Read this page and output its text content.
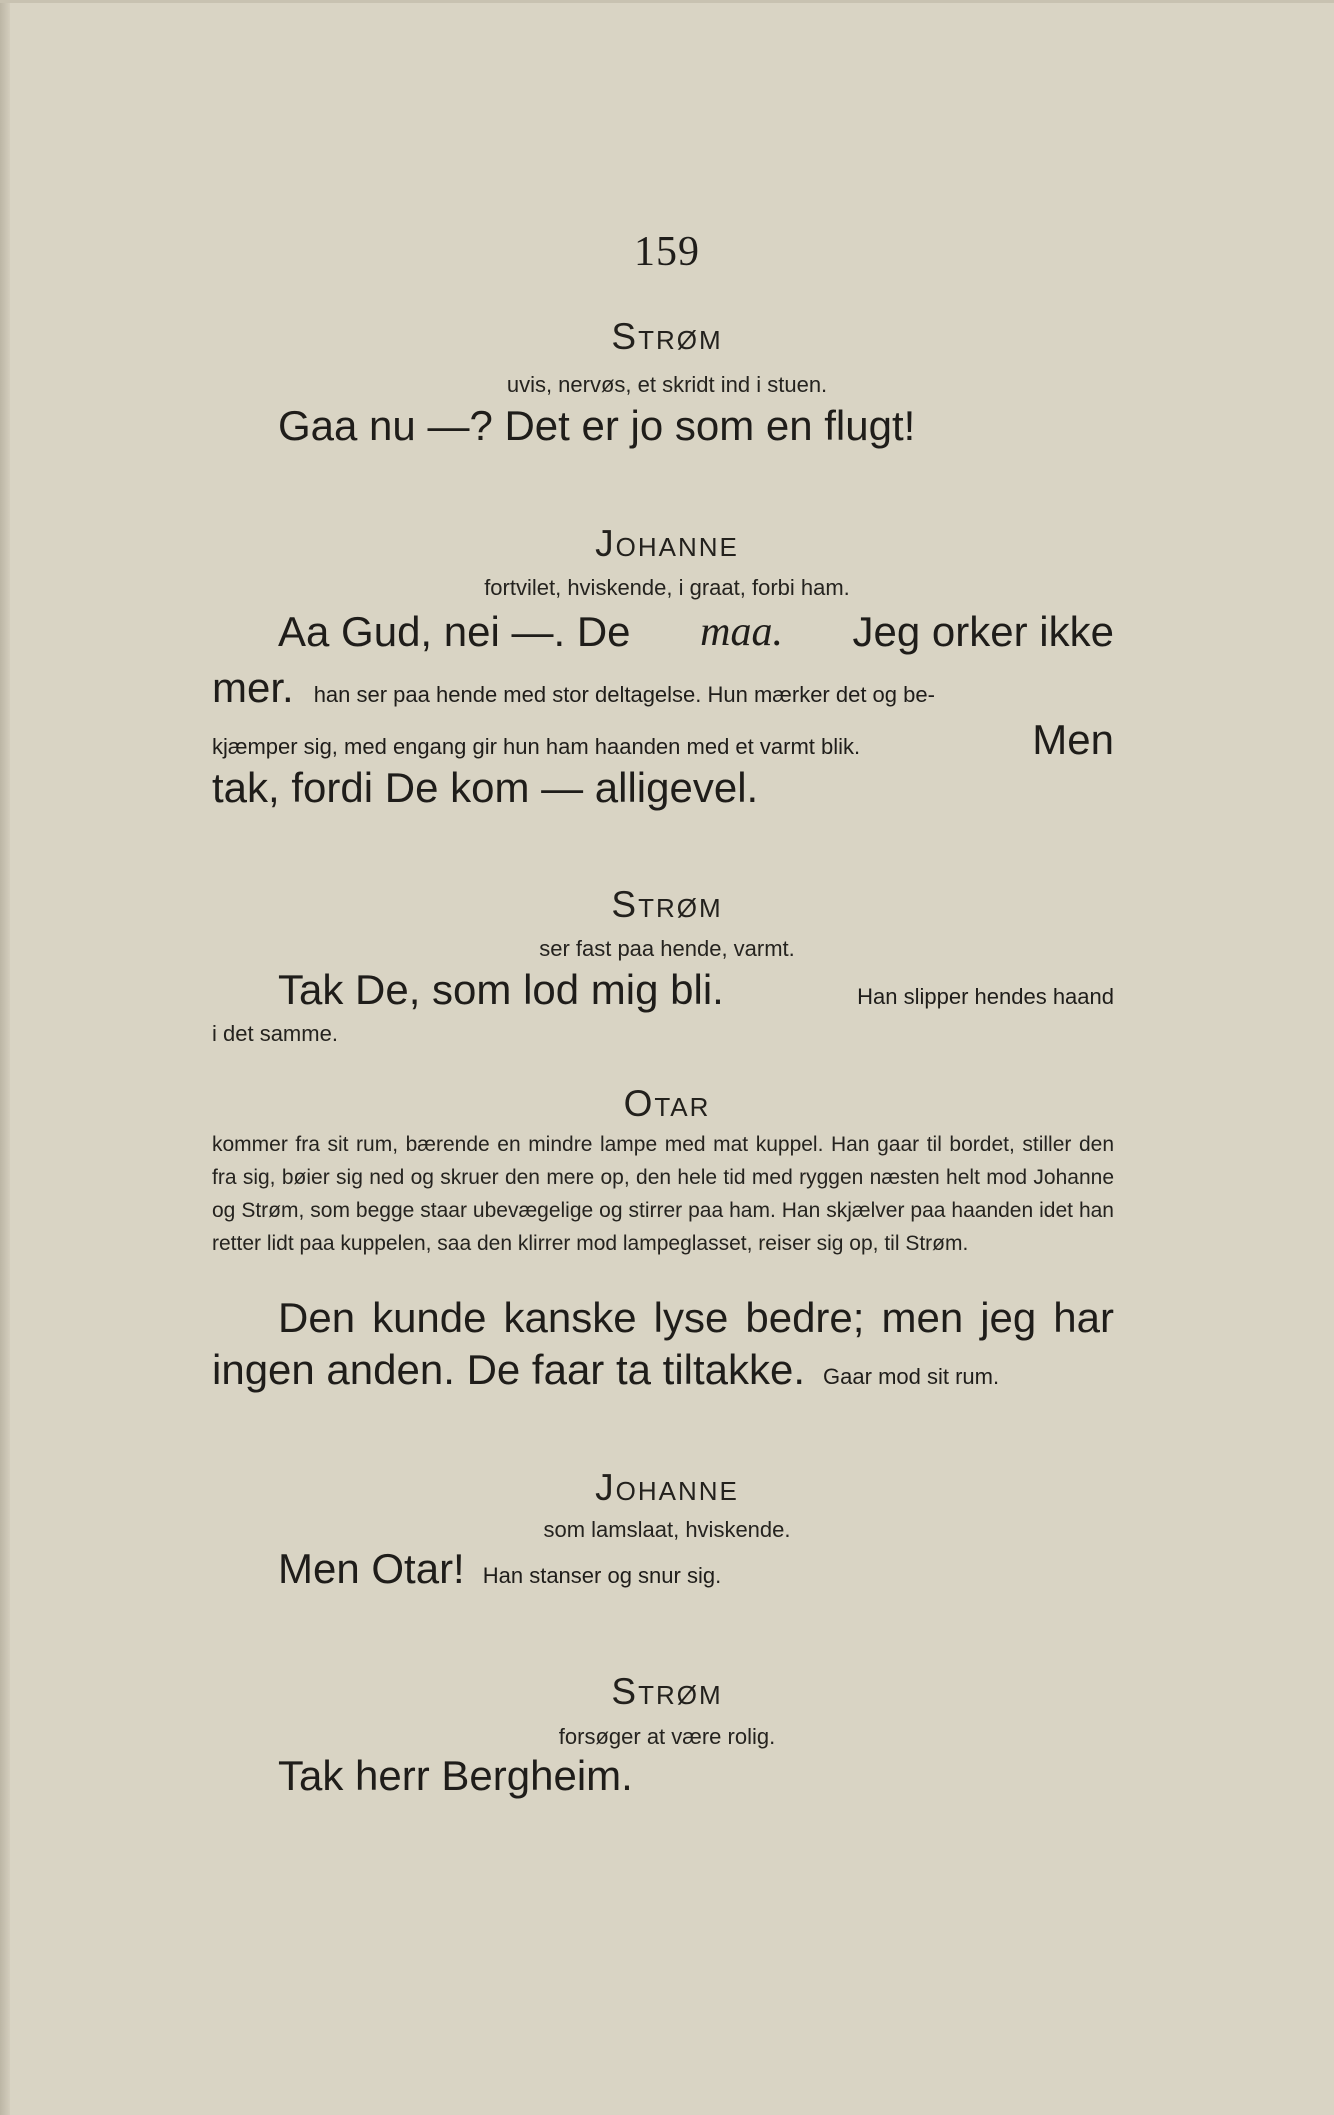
159
Strøm
uvis, nervøs, et skridt ind i stuen.
Gaa nu —? Det er jo som en flugt!
Johanne
fortvilet, hviskende, i graat, forbi ham.
Aa Gud, nei —. De maa. Jeg orker ikke
mer. han ser paa hende med stor deltagelse. Hun mærker det og be-
kjæmper sig, med engang gir hun ham haanden med et varmt blik.	Men
tak, fordi De kom — alligevel.
Strøm
ser fast paa hende, varmt.
Tak De, som lod mig bli.	Han slipper hendes haand
i det samme.
Otar
kommer fra sit rum, bærende en mindre lampe med mat kuppel. Han gaar til bordet, stiller den fra sig, bøier sig ned og skruer den mere op, den hele tid med ryggen næsten helt mod Johanne og Strøm, som begge staar ubevægelige og stirrer paa ham. Han skjælver paa haanden idet han retter lidt paa kuppelen, saa den klirrer mod lampeglasset, reiser sig op, til Strøm.
Den kunde kanske lyse bedre; men jeg har
ingen anden. De faar ta tiltakke. Gaar mod sit rum.
Johanne
som lamslaat, hviskende.
Men Otar! Han stanser og snur sig.
Strøm
forsøger at være rolig.
Tak herr Bergheim.
